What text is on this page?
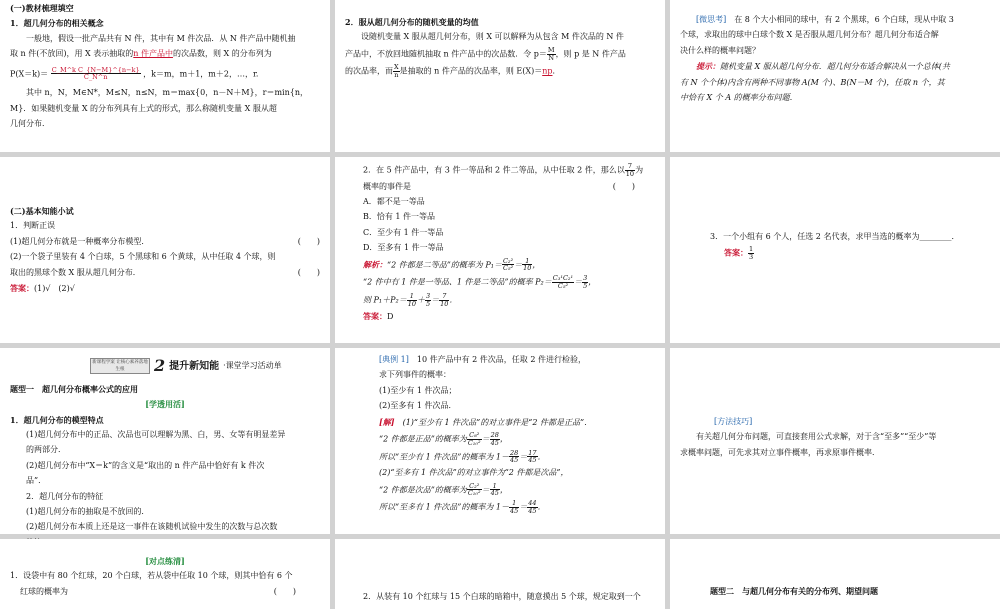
(一)教材梳理填空

1．超几何分布的相关概念

一般地，假设一批产品共有 N 件，其中有 M 件次品．从 N 件产品中随机抽

取 n 件(不放回)，用 X 表示抽取的n 件产品中的次品数，则 X 的分布列为

$P(X=k)= \frac{\text{C\_M\textasciicircum{}k C\_\{N−M\}\textasciicircum{}\{n−k\}}}{C\_N\^{}n}$ ，k＝m，m＋1，m＋2，…，r.

其中 n，N，M∈N*，M≤N，n≤N，m＝max{0，n－N＋M}，r＝min{n，

M}．如果随机变量 X 的分布列具有上式的形式，那么称随机变量 X 服从超

几何分布．

2．服从超几何分布的随机变量的均值

设随机变量 X 服从超几何分布，则 X 可以解释为从包含 M 件次品的 N 件

产品中，不放回地随机抽取 n 件产品中的次品数．令 $p= \frac{M}{N}$ ，则 p 是 N 件产品

的次品率，而 $\frac{X}{n}$ 是抽取的 n 件产品的次品率，则 E(X)＝np．

[微思考]　 在 8 个大小相同的球中，有 2 个黑球，6 个白球，现从中取 3

个球，求取出的球中白球个数 X 是否服从超几何分布？超几何分布适合解

决什么样的概率问题？

提示：随机变量 X 服从超几何分布．超几何分布适合解决从一个总体(共

有 N 个个体)内含有两种不同事物 A(M 个)、B(N－M 个)，任取 n 个，其

中恰有 X 个 A 的概率分布问题．

(二)基本知能小试

1．判断正误

(1)超几何分布就是一种概率分布模型．	(　　)

(2)一个袋子里装有 4 个白球，5 个黑球和 6 个黄球，从中任取 4 个球，则

取出的黑球个数 X 服从超几何分布．	(　　)

答案：(1)√　(2)√

2．在 5 件产品中，有 3 件一等品和 2 件二等品，从中任取 2 件，那么以 $\frac{7}{10}$ 为

概率的事件是	(　　)

A．都不是一等品

B．恰有 1 件一等品

C．至少有 1 件一等品

D．至多有 1 件一等品

解析：“2 件都是二等品”的概率为 $P_1= \frac{\text{C₂²}}{\text{C₅²}} = \frac{1}{10}$ ，

“2 件中有 1 件是一等品、1 件是二等品”的概率 $P_2= \frac{\text{C₃¹C₂¹}}{\text{C₅²}} = \frac{3}{5}$ ，

则 $P_1+P_2= \frac{1}{10} + \frac{3}{5} = \frac{7}{10}$ ．

答案：D

3．一个小组有 6 个人，任选 2 名代表，求甲当选的概率为________．

答案： $\frac{1}{3}$

新课程学案 让核心素养落地生根	2 提升新知能 ·课堂学习活动单

题型一　超几何分布概率公式的应用

[学透用活]

1．超几何分布的模型特点

(1)超几何分布中的正品、次品也可以理解为黑、白，男、女等有明显差异

的两部分．

(2)超几何分布中“X＝k”的含义是“取出的 n 件产品中恰好有 k 件次

品”．

2．超几何分布的特征

(1)超几何分布的抽取是不放回的．

(2)超几何分布本质上还是这一事件在该随机试验中发生的次数与总次数

[典例 1]　 10 件产品中有 2 件次品，任取 2 件进行检验，

求下列事件的概率：

(1)至少有 1 件次品；

(2)至多有 1 件次品．

[解]　 (1)“至少有 1 件次品”的对立事件是“2 件都是正品”．

“2 件都是正品”的概率为 $\frac{\text{C₈²}}{\text{C₁₀²}} = \frac{28}{45}$ ，

所以“至少有 1 件次品”的概率为 $1- \frac{28}{45} = \frac{17}{45}$ ．

(2)“至多有 1 件次品”的对立事件为“2 件都是次品”，

“2 件都是次品”的概率为 $\frac{\text{C₂²}}{\text{C₁₀²}} = \frac{1}{45}$ ，

所以“至多有 1 件次品”的概率为 $1- \frac{1}{45} = \frac{44}{45}$ ．

[方法技巧]

有关超几何分布问题，可直接套用公式求解，对于含“至多”“至少”等

求概率问题，可先求其对立事件概率，再求原事件概率．

[对点练清]

1．设袋中有 80 个红球，20 个白球，若从袋中任取 10 个球，则其中恰有 6 个

红球的概率为	(　　)

2．从装有 10 个红球与 15 个白球的暗箱中，随意摸出 5 个球，规定取到一个

题型二　与超几何分布有关的分布列、期望问题
